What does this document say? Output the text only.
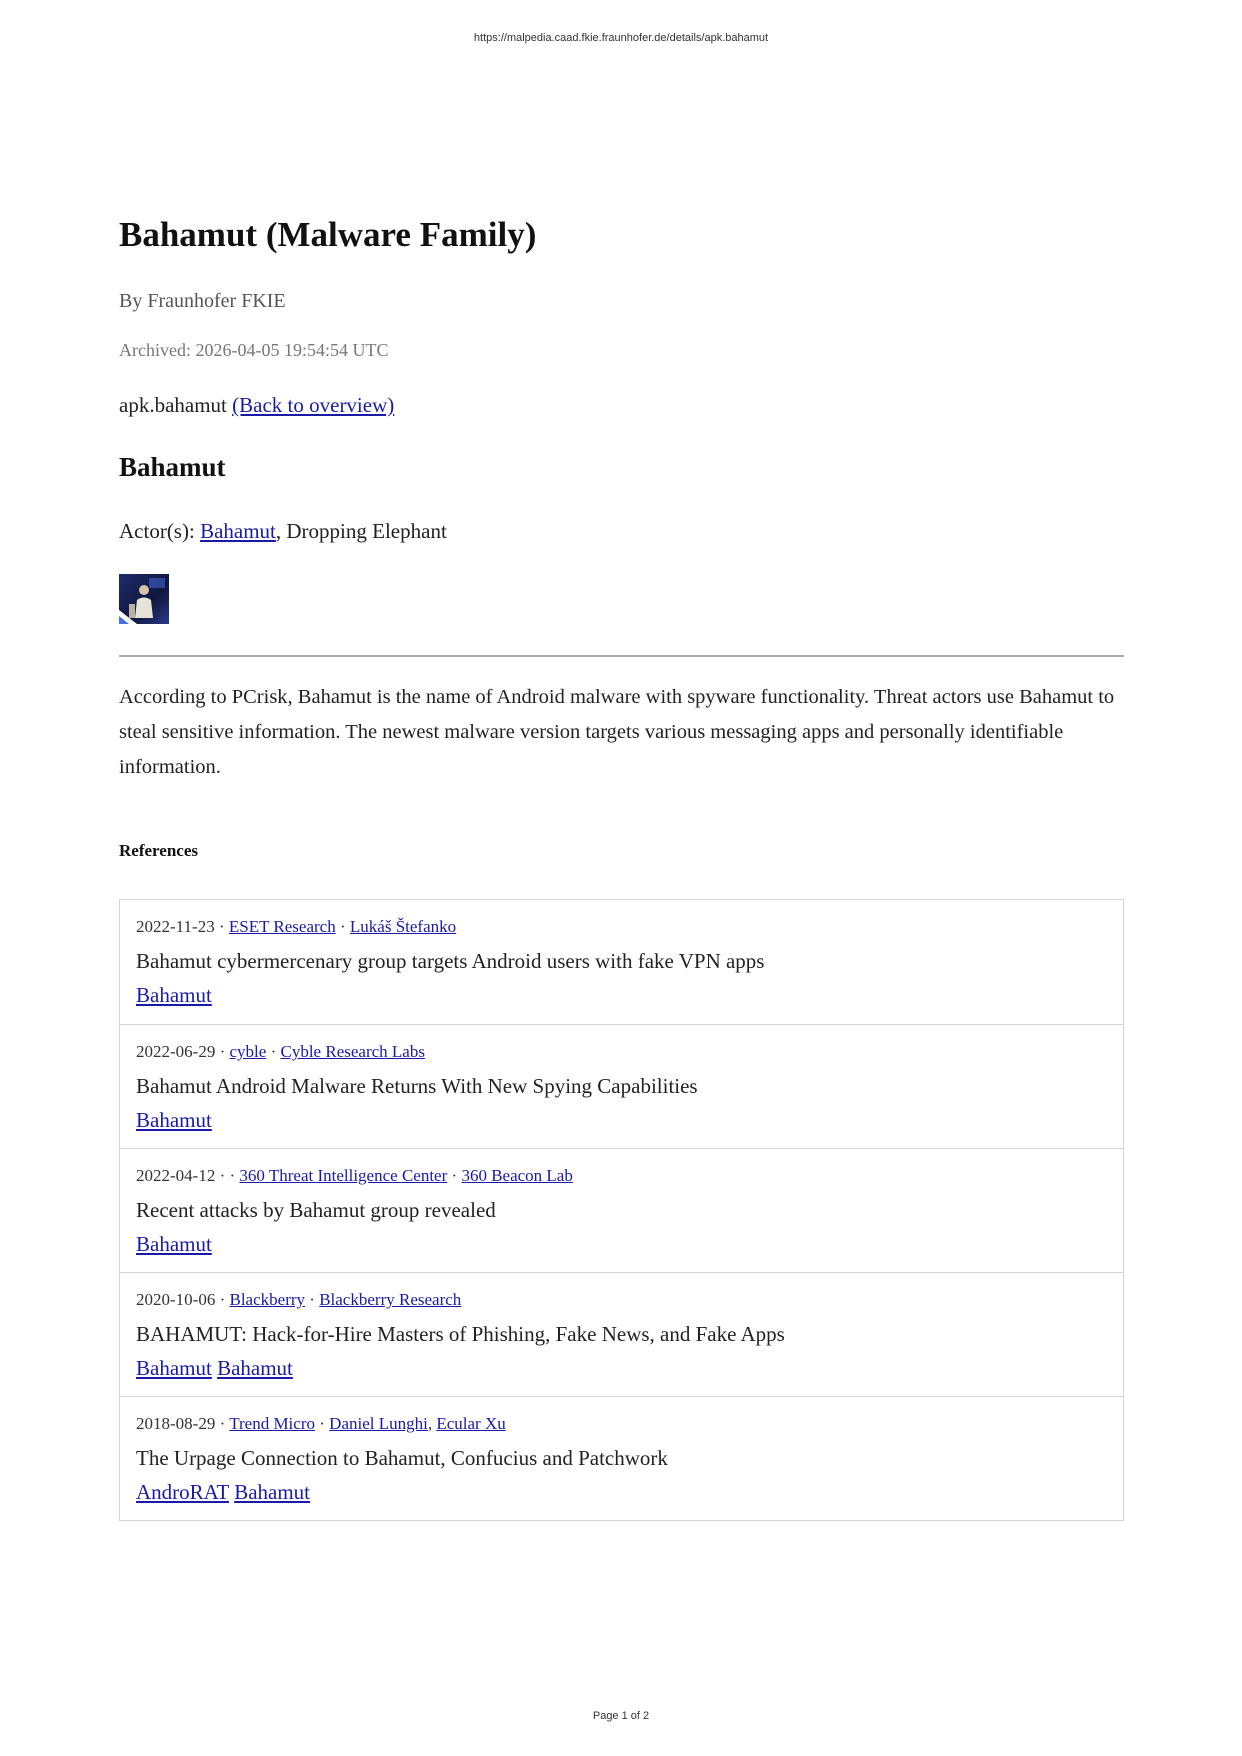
https://malpedia.caad.fkie.fraunhofer.de/details/apk.bahamut
Bahamut (Malware Family)
By Fraunhofer FKIE
Archived: 2026-04-05 19:54:54 UTC
apk.bahamut (Back to overview)
Bahamut
Actor(s): Bahamut, Dropping Elephant

According to PCrisk, Bahamut is the name of Android malware with spyware functionality. Threat actors use Bahamut to steal sensitive information. The newest malware version targets various messaging apps and personally identifiable information.

References
2022-11-23 · ESET Research · Lukáš Štefanko
Bahamut cybermercenary group targets Android users with fake VPN apps
Bahamut
2022-06-29 · cyble · Cyble Research Labs
Bahamut Android Malware Returns With New Spying Capabilities
Bahamut
2022-04-12 · · 360 Threat Intelligence Center · 360 Beacon Lab
Recent attacks by Bahamut group revealed
Bahamut
2020-10-06 · Blackberry · Blackberry Research
BAHAMUT: Hack-for-Hire Masters of Phishing, Fake News, and Fake Apps
Bahamut Bahamut
2018-08-29 · Trend Micro · Daniel Lunghi, Ecular Xu
The Urpage Connection to Bahamut, Confucius and Patchwork
AndroRAT Bahamut
Page 1 of 2
